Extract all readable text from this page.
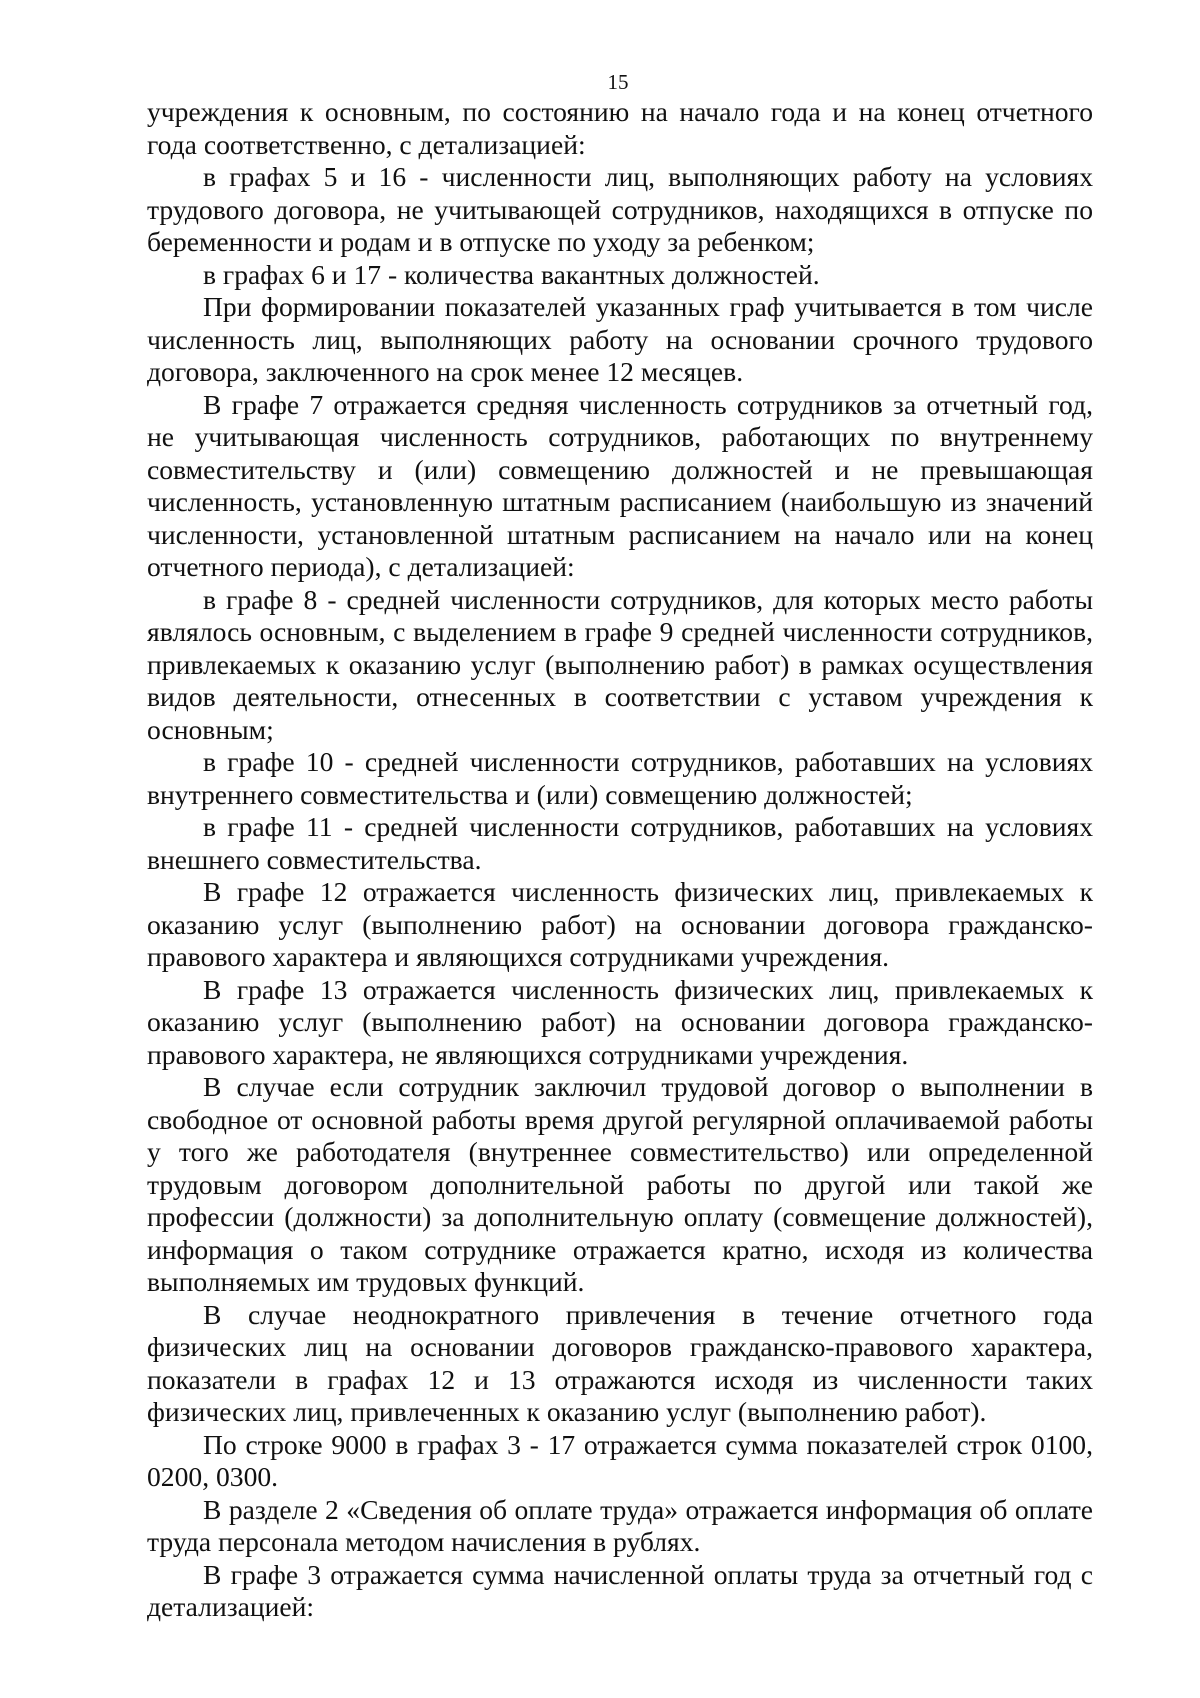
15

учреждения к основным, по состоянию на начало года и на конец отчетного года соответственно, с детализацией:

в графах 5 и 16 - численности лиц, выполняющих работу на условиях трудового договора, не учитывающей сотрудников, находящихся в отпуске по беременности и родам и в отпуске по уходу за ребенком;

в графах 6 и 17 - количества вакантных должностей.

При формировании показателей указанных граф учитывается в том числе численность лиц, выполняющих работу на основании срочного трудового договора, заключенного на срок менее 12 месяцев.

В графе 7 отражается средняя численность сотрудников за отчетный год, не учитывающая численность сотрудников, работающих по внутреннему совместительству и (или) совмещению должностей и не превышающая численность, установленную штатным расписанием (наибольшую из значений численности, установленной штатным расписанием на начало или на конец отчетного периода), с детализацией:

в графе 8 - средней численности сотрудников, для которых место работы являлось основным, с выделением в графе 9 средней численности сотрудников, привлекаемых к оказанию услуг (выполнению работ) в рамках осуществления видов деятельности, отнесенных в соответствии с уставом учреждения к основным;

в графе 10 - средней численности сотрудников, работавших на условиях внутреннего совместительства и (или) совмещению должностей;

в графе 11 - средней численности сотрудников, работавших на условиях внешнего совместительства.

В графе 12 отражается численность физических лиц, привлекаемых к оказанию услуг (выполнению работ) на основании договора гражданско-правового характера и являющихся сотрудниками учреждения.

В графе 13 отражается численность физических лиц, привлекаемых к оказанию услуг (выполнению работ) на основании договора гражданско-правового характера, не являющихся сотрудниками учреждения.

В случае если сотрудник заключил трудовой договор о выполнении в свободное от основной работы время другой регулярной оплачиваемой работы у того же работодателя (внутреннее совместительство) или определенной трудовым договором дополнительной работы по другой или такой же профессии (должности) за дополнительную оплату (совмещение должностей), информация о таком сотруднике отражается кратно, исходя из количества выполняемых им трудовых функций.

В случае неоднократного привлечения в течение отчетного года физических лиц на основании договоров гражданско-правового характера, показатели в графах 12 и 13 отражаются исходя из численности таких физических лиц, привлеченных к оказанию услуг (выполнению работ).

По строке 9000 в графах 3 - 17 отражается сумма показателей строк 0100, 0200, 0300.

В разделе 2 «Сведения об оплате труда» отражается информация об оплате труда персонала методом начисления в рублях.

В графе 3 отражается сумма начисленной оплаты труда за отчетный год с детализацией:
